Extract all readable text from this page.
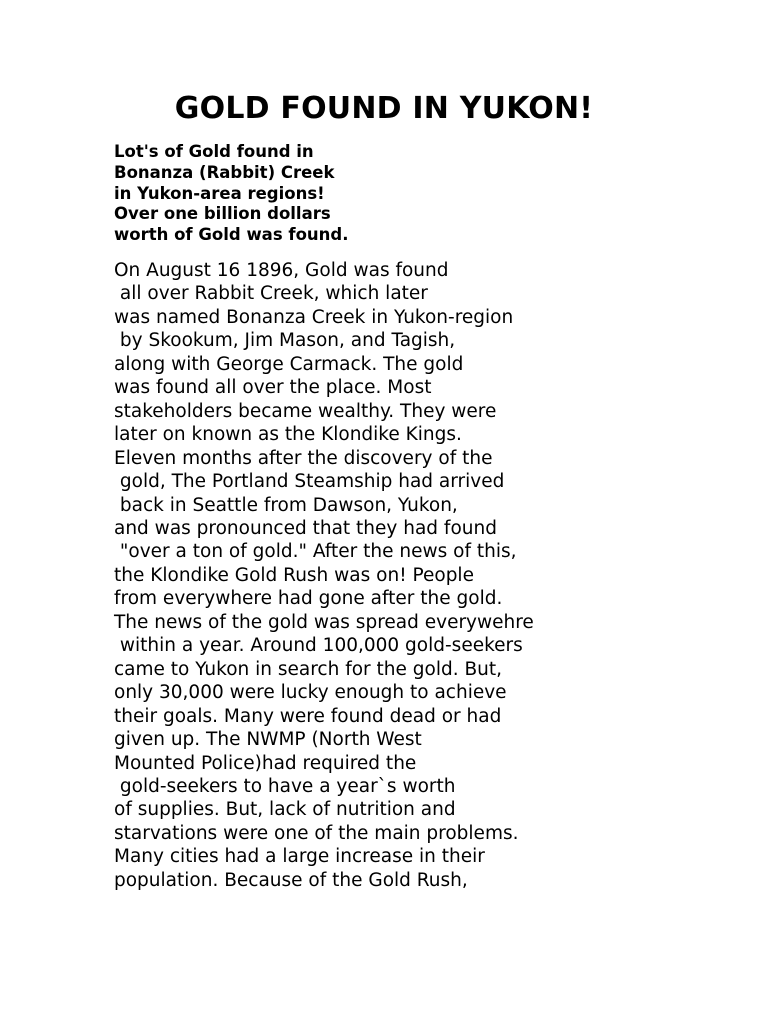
GOLD FOUND IN YUKON!
Lot's of Gold found in
Bonanza (Rabbit) Creek
in Yukon-area regions!
Over one billion dollars
worth of Gold was found.
On August 16 1896, Gold was found
all over Rabbit Creek, which later
was named Bonanza Creek in Yukon-region
by Skookum, Jim Mason, and Tagish,
along with George Carmack. The gold
was found all over the place. Most
stakeholders became wealthy. They were
later on known as the Klondike Kings.
Eleven months after the discovery of the
gold, The Portland Steamship had arrived
back in Seattle from Dawson, Yukon,
and was pronounced that they had found
"over a ton of gold." After the news of this,
the Klondike Gold Rush was on! People
from everywhere had gone after the gold.
The news of the gold was spread everywehre
within a year. Around 100,000 gold-seekers
came to Yukon in search for the gold. But,
only 30,000 were lucky enough to achieve
their goals. Many were found dead or had
given up. The NWMP (North West
Mounted Police)had required the
gold-seekers to have a year`s worth
of supplies. But, lack of nutrition and
starvations were one of the main problems.
Many cities had a large increase in their
population. Because of the Gold Rush,
